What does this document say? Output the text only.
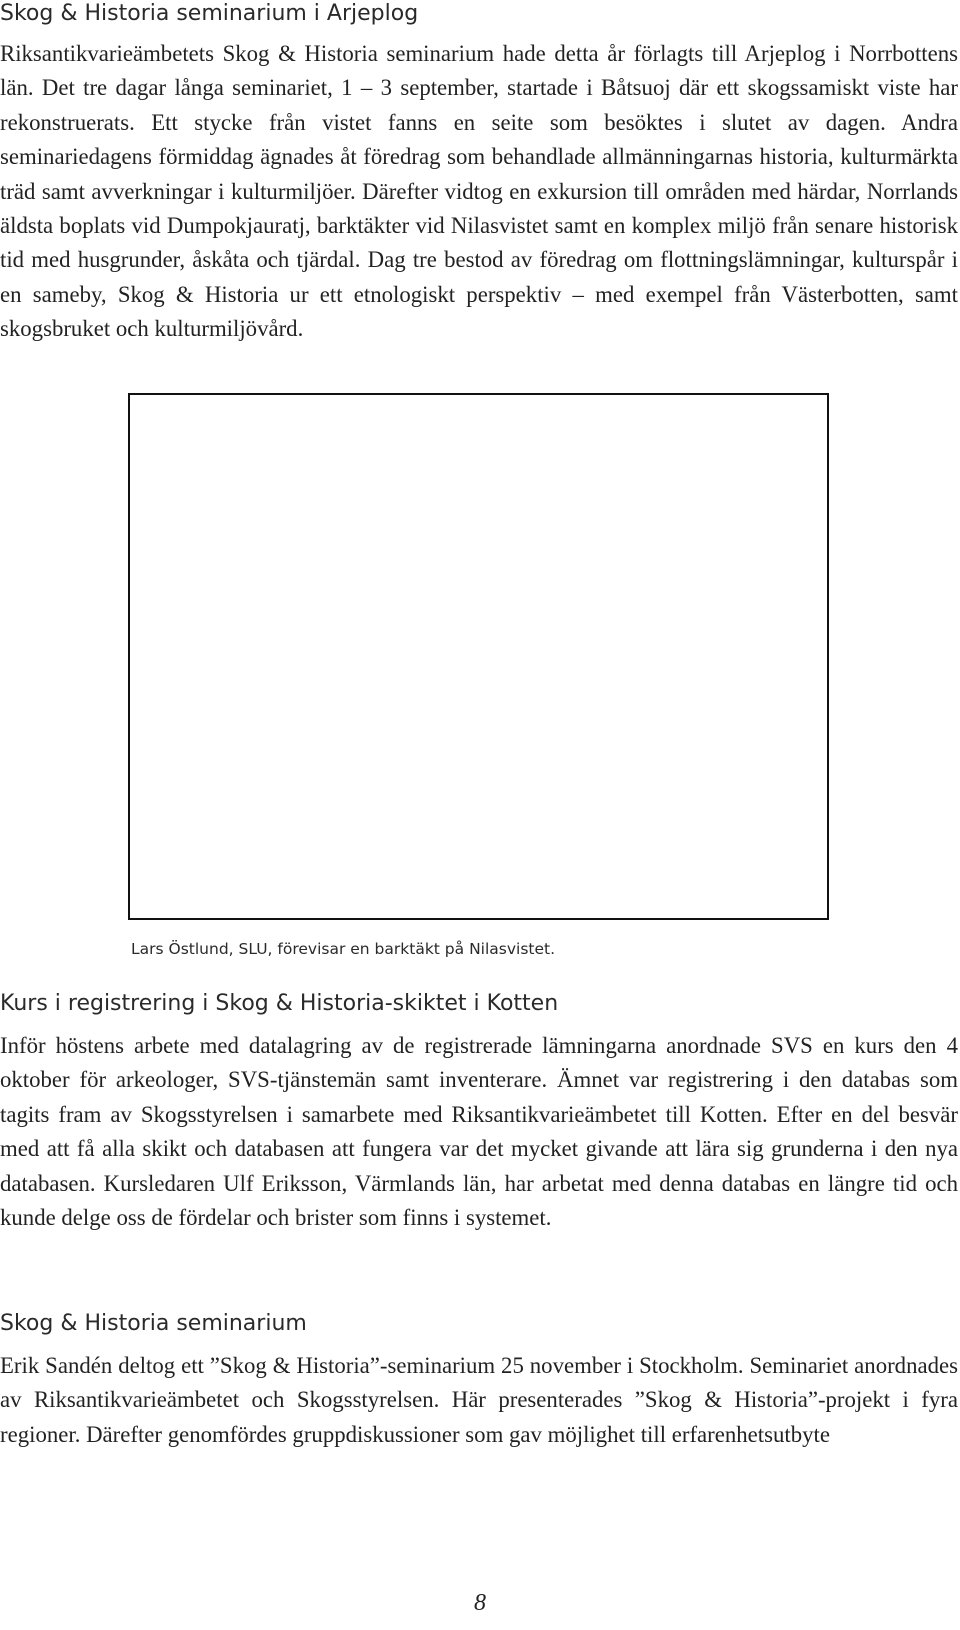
Skog & Historia seminarium i Arjeplog

Riksantikvarieämbetets Skog & Historia seminarium hade detta år förlagts till Arjeplog i Norrbottens län. Det tre dagar långa seminariet, 1 – 3 september, startade i Båtsuoj där ett skogssamiskt viste har rekonstruerats. Ett stycke från vistet fanns en seite som besöktes i slutet av dagen. Andra seminariedagens förmiddag ägnades åt föredrag som behandlade allmänningarnas historia, kulturmärkta träd samt avverkningar i kulturmiljöer. Därefter vidtog en exkursion till områden med härdar, Norrlands äldsta boplats vid Dumpokjauratj, barktäkter vid Nilasvistet samt en komplex miljö från senare historisk tid med husgrunder, åskåta och tjärdal. Dag tre bestod av föredrag om flottningslämningar, kulturspår i en sameby, Skog & Historia ur ett etnologiskt perspektiv – med exempel från Västerbotten, samt skogsbruket och kulturmiljövård.

Lars Östlund, SLU, förevisar en barktäkt på Nilasvistet.

Kurs i registrering i Skog & Historia-skiktet i Kotten

Inför höstens arbete med datalagring av de registrerade lämningarna anordnade SVS en kurs den 4 oktober för arkeologer, SVS-tjänstemän samt inventerare. Ämnet var registrering i den databas som tagits fram av Skogsstyrelsen i samarbete med Riksantikvarieämbetet till Kotten. Efter en del besvär med att få alla skikt och databasen att fungera var det mycket givande att lära sig grunderna i den nya databasen. Kursledaren Ulf Eriksson, Värmlands län, har arbetat med denna databas en längre tid och kunde delge oss de fördelar och brister som finns i systemet.

Skog & Historia seminarium

Erik Sandén deltog ett ”Skog & Historia”-seminarium 25 november i Stockholm. Seminariet anordnades av Riksantikvarieämbetet och Skogsstyrelsen. Här presenterades ”Skog & Historia”-projekt i fyra regioner. Därefter genomfördes gruppdiskussioner som gav möjlighet till erfarenhetsutbyte

8
